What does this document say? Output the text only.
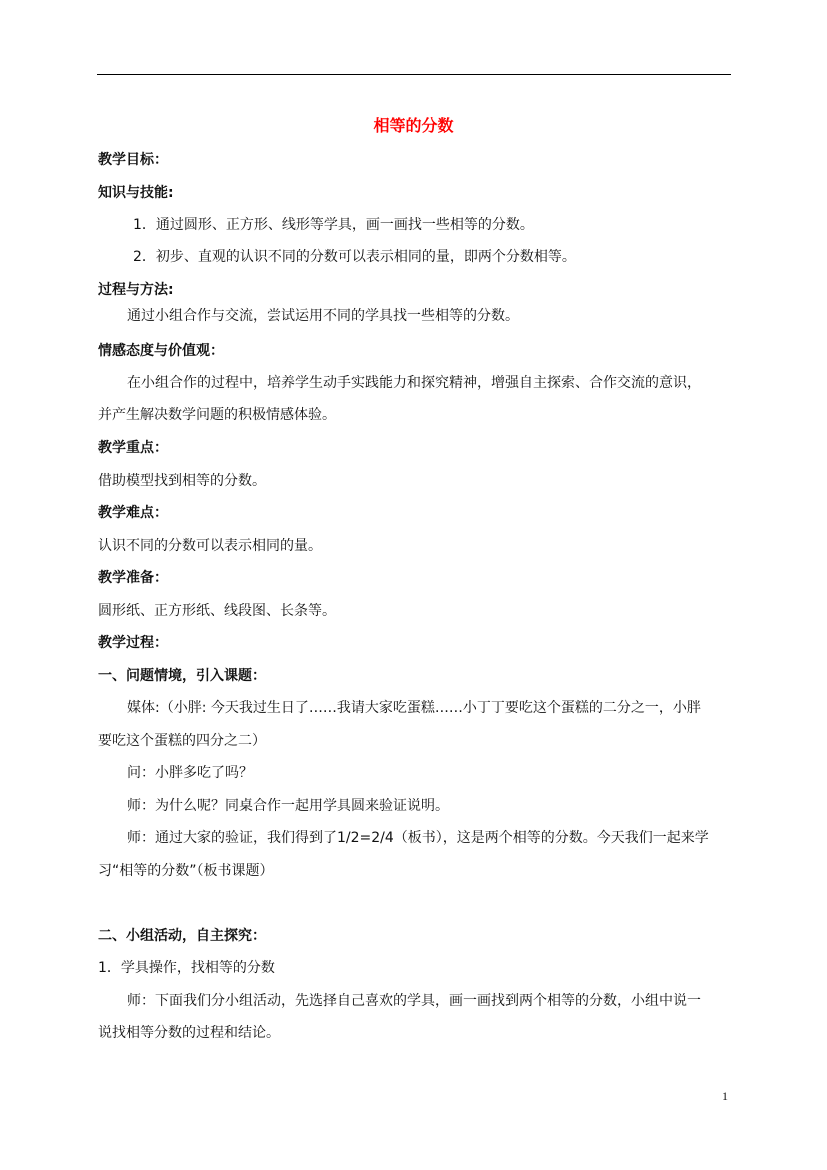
相等的分数
教学目标：
知识与技能:
1．通过圆形、正方形、线形等学具，画一画找一些相等的分数。
2．初步、直观的认识不同的分数可以表示相同的量，即两个分数相等。
过程与方法:
通过小组合作与交流，尝试运用不同的学具找一些相等的分数。
情感态度与价值观：
在小组合作的过程中，培养学生动手实践能力和探究精神，增强自主探索、合作交流的意识，
并产生解决数学问题的积极情感体验。
教学重点：
借助模型找到相等的分数。
教学难点：
认识不同的分数可以表示相同的量。
教学准备：
圆形纸、正方形纸、线段图、长条等。
教学过程：
一、问题情境，引入课题：
媒体:（小胖: 今天我过生日了……我请大家吃蛋糕……小丁丁要吃这个蛋糕的二分之一，小胖
要吃这个蛋糕的四分之二）
问：小胖多吃了吗？
师：为什么呢？同桌合作一起用学具圆来验证说明。
师：通过大家的验证，我们得到了1/2=2/4（板书），这是两个相等的分数。今天我们一起来学
习“相等的分数”（板书课题）
二、小组活动，自主探究：
1．学具操作，找相等的分数
师：下面我们分小组活动，先选择自己喜欢的学具，画一画找到两个相等的分数，小组中说一
说找相等分数的过程和结论。
1
